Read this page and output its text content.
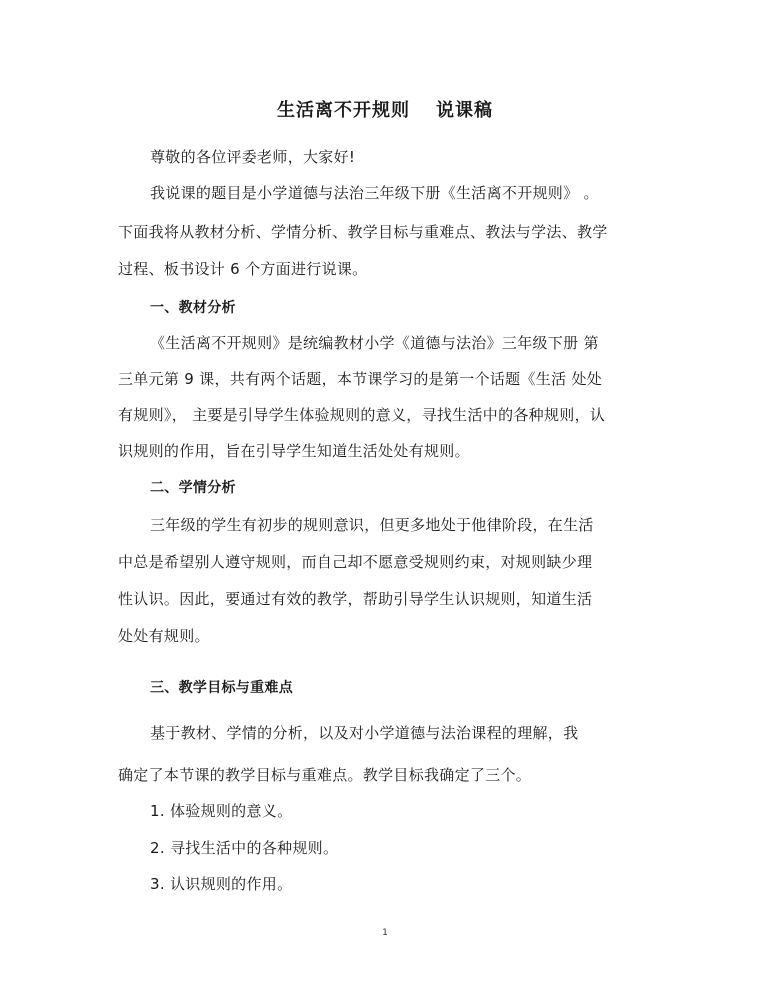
生活离不开规则 说课稿
尊敬的各位评委老师，大家好!
我说课的题目是小学道德与法治三年级下册《生活离不开规则》 。
下面我将从教材分析、学情分析、教学目标与重难点、教法与学法、教学
过程、板书设计 6 个方面进行说课。
一、教材分析
《生活离不开规则》是统编教材小学《道德与法治》三年级下册 第
三单元第 9 课，共有两个话题，本节课学习的是第一个话题《生活 处处
有规则》， 主要是引导学生体验规则的意义，寻找生活中的各种规则，认
识规则的作用，旨在引导学生知道生活处处有规则。
二、学情分析
三年级的学生有初步的规则意识，但更多地处于他律阶段，在生活
中总是希望别人遵守规则，而自己却不愿意受规则约束，对规则缺少理
性认识。因此，要通过有效的教学，帮助引导学生认识规则，知道生活
处处有规则。
三、教学目标与重难点
基于教材、学情的分析，以及对小学道德与法治课程的理解，我
确定了本节课的教学目标与重难点。教学目标我确定了三个。
1. 体验规则的意义。
2. 寻找生活中的各种规则。
3. 认识规则的作用。
1
